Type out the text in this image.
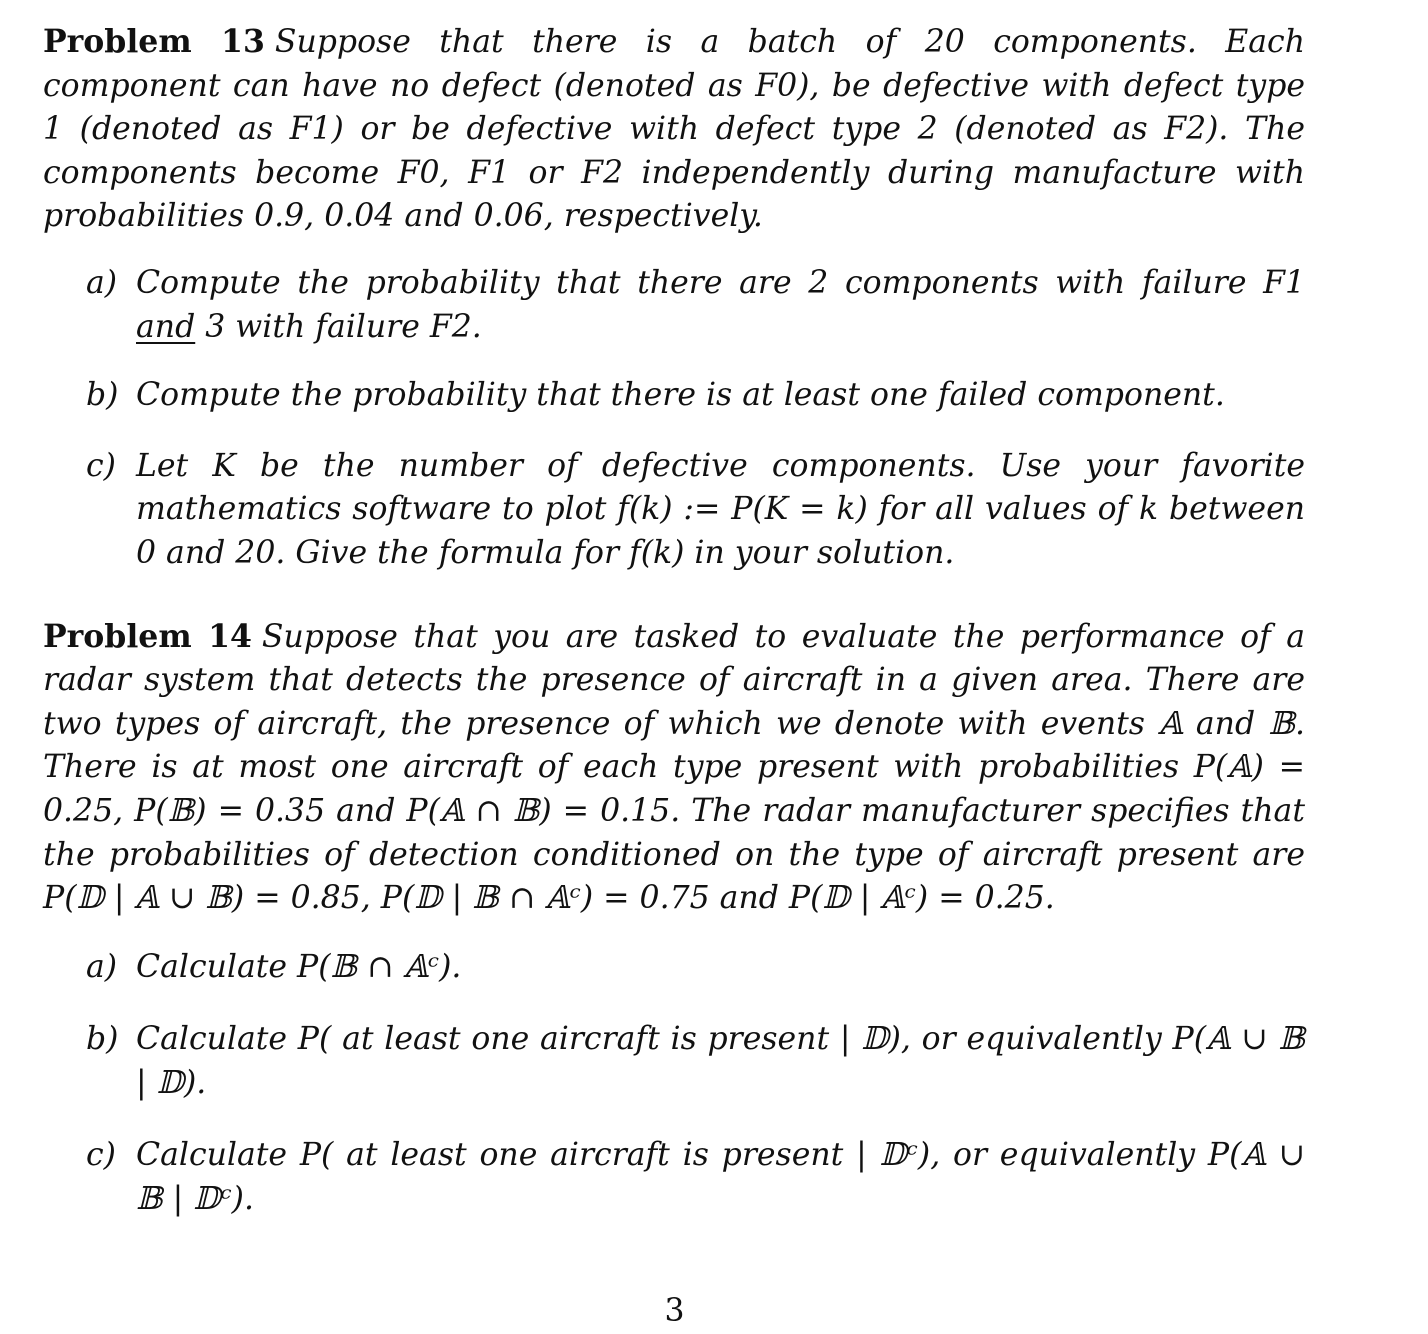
Problem 13 Suppose that there is a batch of 20 components. Each component can have no defect (denoted as F0), be defective with defect type 1 (denoted as F1) or be defective with defect type 2 (denoted as F2). The components become F0, F1 or F2 independently during manufacture with probabilities 0.9, 0.04 and 0.06, respectively.

a) Compute the probability that there are 2 components with failure F1 and 3 with failure F2.
b) Compute the probability that there is at least one failed component.
c) Let K be the number of defective components. Use your favorite mathematics software to plot f(k) := P(K = k) for all values of k between 0 and 20. Give the formula for f(k) in your solution.

Problem 14 Suppose that you are tasked to evaluate the performance of a radar system that detects the presence of aircraft in a given area. There are two types of aircraft, the presence of which we denote with events 𝔸 and 𝔹. There is at most one aircraft of each type present with probabilities P(𝔸) = 0.25, P(𝔹) = 0.35 and P(𝔸 ∩ 𝔹) = 0.15. The radar manufacturer specifies that the probabilities of detection conditioned on the type of aircraft present are P(𝔻 | 𝔸 ∪ 𝔹) = 0.85, P(𝔻 | 𝔹 ∩ 𝔸ᶜ) = 0.75 and P(𝔻 | 𝔸ᶜ) = 0.25.

a) Calculate P(𝔹 ∩ 𝔸ᶜ).
b) Calculate P( at least one aircraft is present | 𝔻), or equivalently P(𝔸 ∪ 𝔹 | 𝔻).
c) Calculate P( at least one aircraft is present | 𝔻ᶜ), or equivalently P(𝔸 ∪ 𝔹 | 𝔻ᶜ).
3
